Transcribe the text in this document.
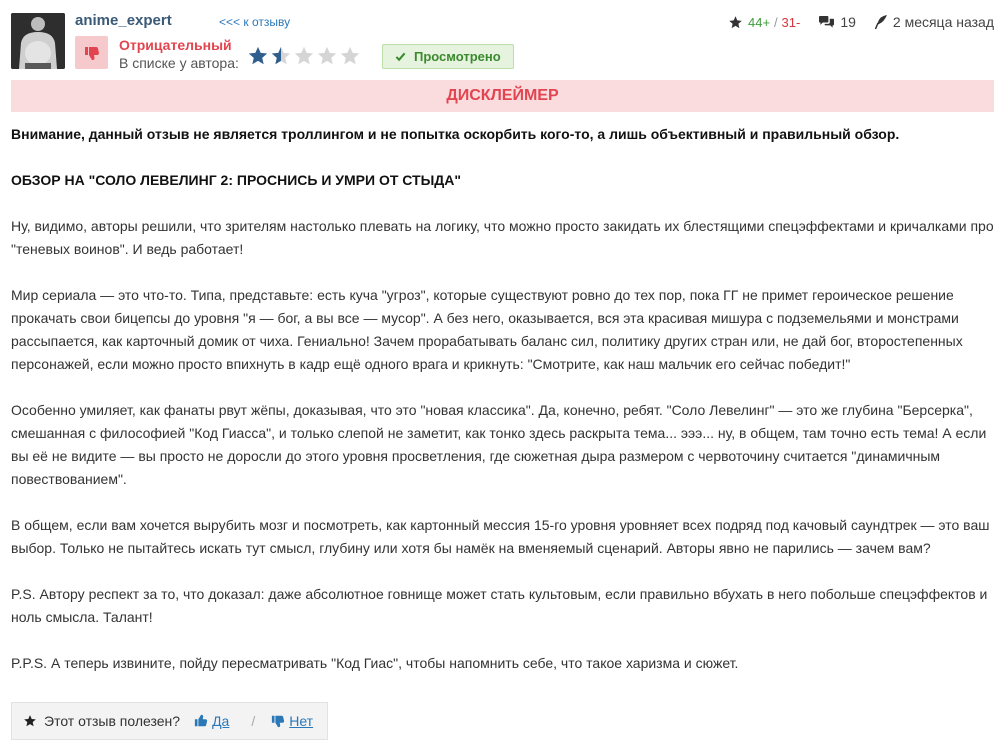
anime_expert	<<< к отзыву
Отрицательный
В списке у автора:	Просмотрено
44+ / 31-	19	2 месяца назад
ДИСКЛЕЙМЕР

Внимание, данный отзыв не является троллингом и не попытка оскорбить кого-то, а лишь объективный и правильный обзор.

ОБЗОР НА "СОЛО ЛЕВЕЛИНГ 2: ПРОСНИСЬ И УМРИ ОТ СТЫДА"

Ну, видимо, авторы решили, что зрителям настолько плевать на логику, что можно просто закидать их блестящими спецэффектами и кричалками про "теневых воинов". И ведь работает!

Мир сериала — это что-то. Типа, представьте: есть куча "угроз", которые существуют ровно до тех пор, пока ГГ не примет героическое решение прокачать свои бицепсы до уровня "я — бог, а вы все — мусор". А без него, оказывается, вся эта красивая мишура с подземельями и монстрами рассыпается, как карточный домик от чиха. Гениально! Зачем прорабатывать баланс сил, политику других стран или, не дай бог, второстепенных персонажей, если можно просто впихнуть в кадр ещё одного врага и крикнуть: "Смотрите, как наш мальчик его сейчас победит!"

Особенно умиляет, как фанаты рвут жёпы, доказывая, что это "новая классика". Да, конечно, ребят. "Соло Левелинг" — это же глубина "Берсерка", смешанная с философией "Код Гиасса", и только слепой не заметит, как тонко здесь раскрыта тема... эээ... ну, в общем, там точно есть тема! А если вы её не видите — вы просто не доросли до этого уровня просветления, где сюжетная дыра размером с червоточину считается "динамичным повествованием".

В общем, если вам хочется вырубить мозг и посмотреть, как картонный мессия 15-го уровня уровняет всех подряд под качовый саундтрек — это ваш выбор. Только не пытайтесь искать тут смысл, глубину или хотя бы намёк на вменяемый сценарий. Авторы явно не парились — зачем вам?

P.S. Автору респект за то, что доказал: даже абсолютное говнище может стать культовым, если правильно вбухать в него побольше спецэффектов и ноль смысла. Талант!

P.P.S. А теперь извините, пойду пересматривать "Код Гиас", чтобы напомнить себе, что такое харизма и сюжет.

Этот отзыв полезен? Да / Нет
